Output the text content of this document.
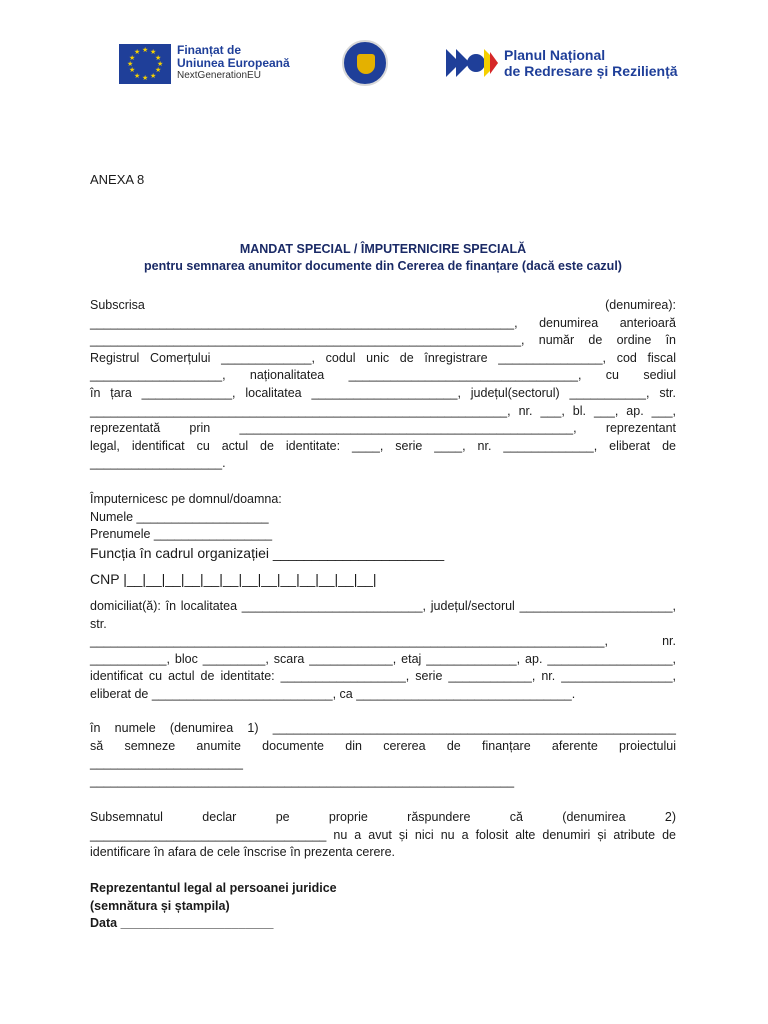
★ ★
★
★
★
★
★
★
★
★
★
★	Finanțat de
Uniunea Europeană
NextGenerationEU
Planul Național
de Redresare și Reziliență
ANEXA 8
MANDAT SPECIAL / ÎMPUTERNICIRE SPECIALĂ
pentru semnarea anumitor documente din Cererea de finanțare (dacă este cazul)

Subscrisa (denumirea):

_____________________________________________________________, denumirea anterioară

______________________________________________________________, număr de ordine în

Registrul Comerțului _____________, codul unic de înregistrare _______________, cod fiscal

___________________, naționalitatea _________________________________, cu sediul

în țara _____________, localitatea _____________________, județul(sectorul) ___________, str.

____________________________________________________________, nr. ___, bl. ___, ap. ___,

reprezentată prin ________________________________________________, reprezentant

legal, identificat cu actul de identitate: ____, serie ____, nr. _____________, eliberat de

___________________.

Împuternicesc pe domnul/doamna:

Numele ___________________

Prenumele _________________

Funcția în cadrul organizației ______________________

CNP |__|__|__|__|__|__|__|__|__|__|__|__|__|

domiciliat(ă): în localitatea __________________________, județul/sectorul ______________________,

str.

__________________________________________________________________________, nr.

___________, bloc _________, scara ____________, etaj _____________, ap. __________________,

identificat cu actul de identitate: __________________, serie ____________, nr. ________________,

eliberat de __________________________, ca _______________________________.

în numele (denumirea 1) __________________________________________________________

să semneze anumite documente din cererea de finanțare aferente proiectului

______________________

_____________________________________________________________

Subsemnatul declar pe proprie răspundere că (denumirea 2)

__________________________________ nu a avut și nici nu a folosit alte denumiri și atribute de

identificare în afara de cele înscrise în prezenta cerere.

Reprezentantul legal al persoanei juridice

(semnătura și ștampila)

Data ______________________
